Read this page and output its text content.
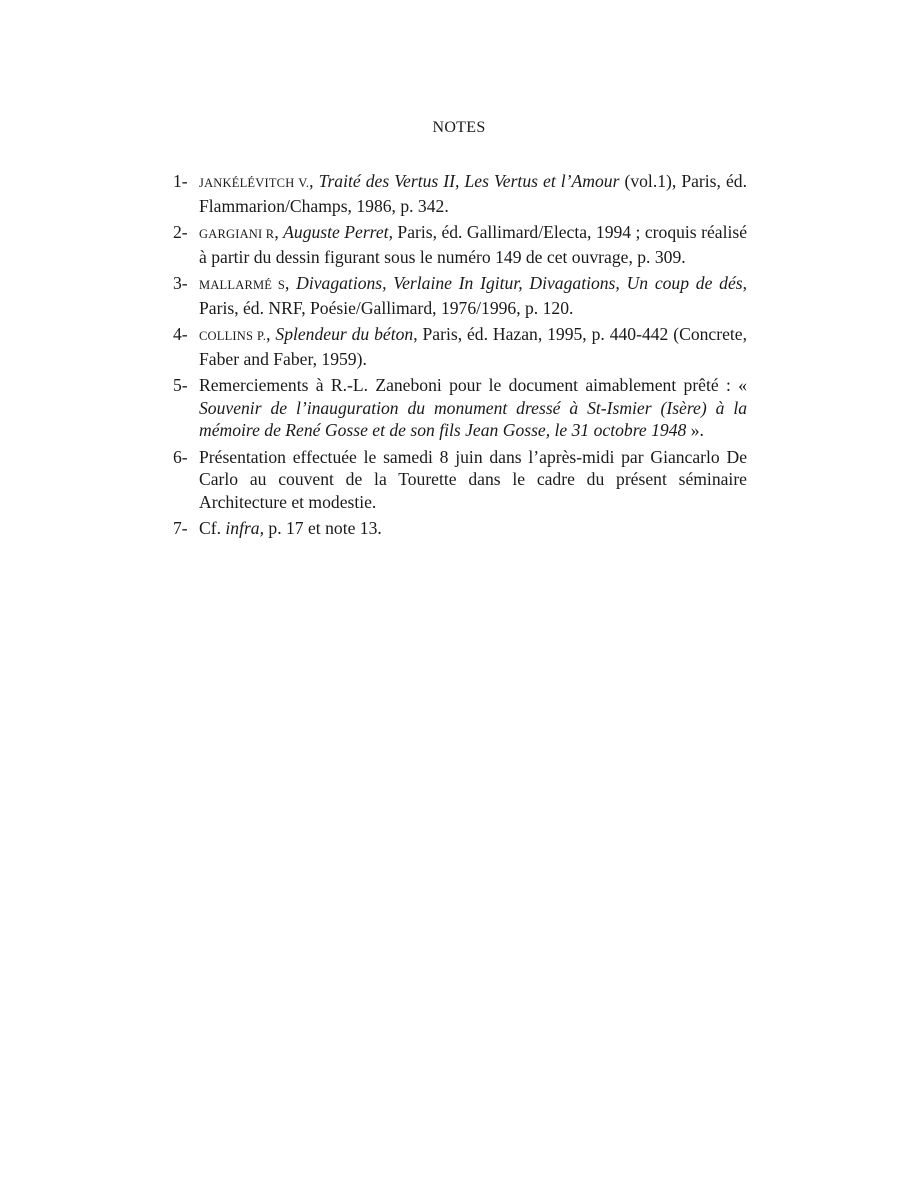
NOTES
1- JANKÉLÉVITCH V., Traité des Vertus II, Les Vertus et l’Amour (vol.1), Paris, éd. Flammarion/Champs, 1986, p. 342.
2- GARGIANI R, Auguste Perret, Paris, éd. Gallimard/Electa, 1994 ; croquis réalisé à partir du dessin figurant sous le numéro 149 de cet ouvrage, p. 309.
3- MALLARMÉ S, Divagations, Verlaine In Igitur, Divagations, Un coup de dés, Paris, éd. NRF, Poésie/Gallimard, 1976/1996, p. 120.
4- COLLINS P., Splendeur du béton, Paris, éd. Hazan, 1995, p. 440-442 (Concrete, Faber and Faber, 1959).
5- Remerciements à R.-L. Zaneboni pour le document aimablement prêté : « Souvenir de l’inauguration du monument dressé à St-Ismier (Isère) à la mémoire de René Gosse et de son fils Jean Gosse, le 31 octobre 1948 ».
6- Présentation effectuée le samedi 8 juin dans l’après-midi par Giancarlo De Carlo au couvent de la Tourette dans le cadre du présent séminaire Architecture et modestie.
7- Cf. infra, p. 17 et note 13.
